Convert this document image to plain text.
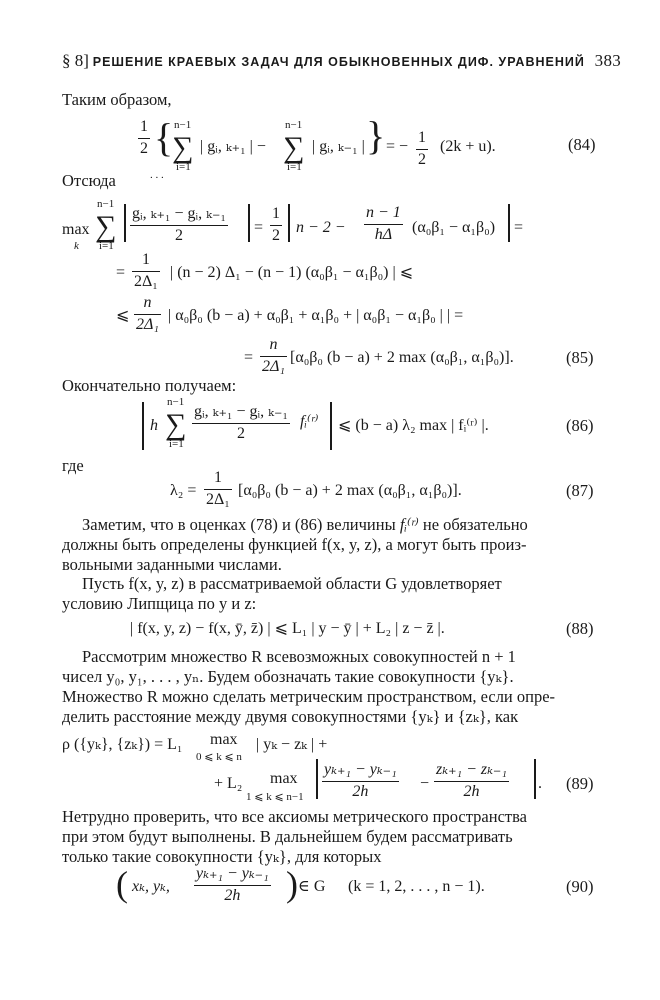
§ 8] РЕШЕНИЕ КРАЕВЫХ ЗАДАЧ ДЛЯ ОБЫКНОВЕННЫХ ДИФ. УРАВНЕНИЙ 383
Таким образом,
$\frac{1}{2}$ { n−1
∑
i=1
| gᵢ, ₖ₊₁ | −
n−1
∑
i=1
| gᵢ, ₖ₋₁ | } = − $\frac{1}{2} (2k + u)$.	(84)
Отсюда	. . .
max
k
n−1
∑
i=1
$\frac{\text{gᵢ, ₖ₊₁ − gᵢ, ₖ₋₁}}{2} = \frac{1}{2}$ $n - 2 - \frac{n - 1}{h\Delta} (\alpha_0\beta_1 - \alpha_1\beta_0)$ =
= $\frac{1}{\text{2Δ₁}}$ | (n − 2) Δ₁ − (n − 1) (α₀β₁ − α₁β₀) | ⩽
⩽ $\frac{n}{\text{2Δ₁}}$ | α₀β₀ (b − a) + α₀β₁ + α₁β₀ + | α₀β₁ − α₁β₀ | | =
= $\frac{n}{\text{2Δ₁}} [\alpha_0\beta_0$ (b − a) + 2 max (α₀β₁, α₁β₀)].	(85)
Окончательно получаем:
h
n−1
∑
i=1
$\frac{\text{gᵢ, ₖ₊₁ − gᵢ, ₖ₋₁}}{2}$ fᵢ⁽ʳ⁾ ⩽ (b − a) λ₂ max | fᵢ⁽ʳ⁾ |.	(86)
где
$\lambda_2 = \frac{1}{\text{2Δ₁}} [\alpha_0\beta_0$ (b − a) + 2 max (α₀β₁, α₁β₀)].	(87)
Заметим, что в оценках (78) и (86) величины fᵢ⁽ʳ⁾ не обязательно
должны быть определены функцией f(x, y, z), а могут быть произ-
вольными заданными числами.
Пусть f(x, y, z) в рассматриваемой области G удовлетворяет
условию Липщица по y и z:
| f(x, y, z) − f(x, ȳ, z̄) | ⩽ L₁ | y − ȳ | + L₂ | z − z̄ |.	(88)
Рассмотрим множество R всевозможных совокупностей n + 1
чисел y₀, y₁, . . . , yₙ. Будем обозначать такие совокупности {yₖ}.
Множество R можно сделать метрическим пространством, если опре-
делить расстояние между двумя совокупностями {yₖ} и {zₖ}, как
ρ ({yₖ}, {zₖ}) = L₁ max
0 ⩽ k ⩽ n
| yₖ − zₖ | +
+ L₂ max
1 ⩽ k ⩽ $n-1 \frac{\text{yₖ₊₁ − yₖ₋₁}}{2h} - \frac{\text{zₖ₊₁ − zₖ₋₁}}{2h}$ . (89)
Нетрудно проверить, что все аксиомы метрического пространства
при этом будут выполнены. В дальнейшем будем рассматривать
только такие совокупности {yₖ}, для которых
( xₖ, yₖ, $\frac{\text{yₖ₊₁ − yₖ₋₁}}{2h}$ ) ∈ G (k = 1, 2, . . . , n − 1).	(90)
